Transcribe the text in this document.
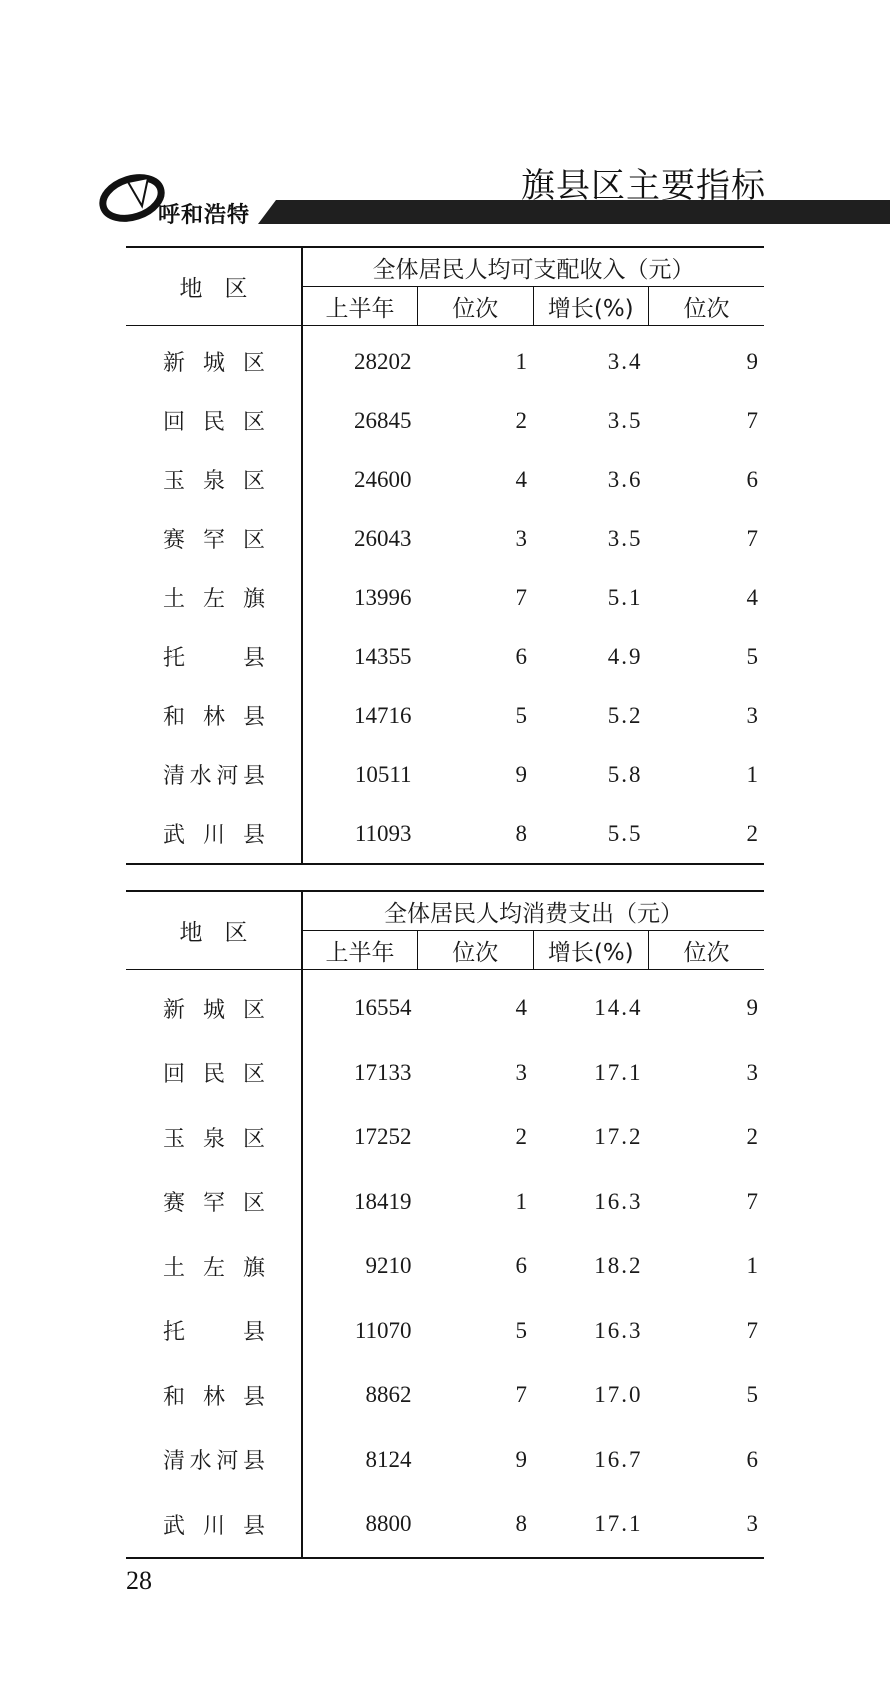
呼和浩特
旗县区主要指标
地区	全体居民人均可支配收入（元）			
	上半年	位次	增长(%)	位次
新城区	28202	1	3.4	9
回民区	26845	2	3.5	7
玉泉区	24600	4	3.6	6
赛罕区	26043	3	3.5	7
土左旗	13996	7	5.1	4
托县	14355	6	4.9	5
和林县	14716	5	5.2	3
清水河县	10511	9	5.8	1
武川县	11093	8	5.5	2
地区	全体居民人均消费支出（元）			
	上半年	位次	增长(%)	位次
新城区	16554	4	14.4	9
回民区	17133	3	17.1	3
玉泉区	17252	2	17.2	2
赛罕区	18419	1	16.3	7
土左旗	9210	6	18.2	1
托县	11070	5	16.3	7
和林县	8862	7	17.0	5
清水河县	8124	9	16.7	6
武川县	8800	8	17.1	3
28
